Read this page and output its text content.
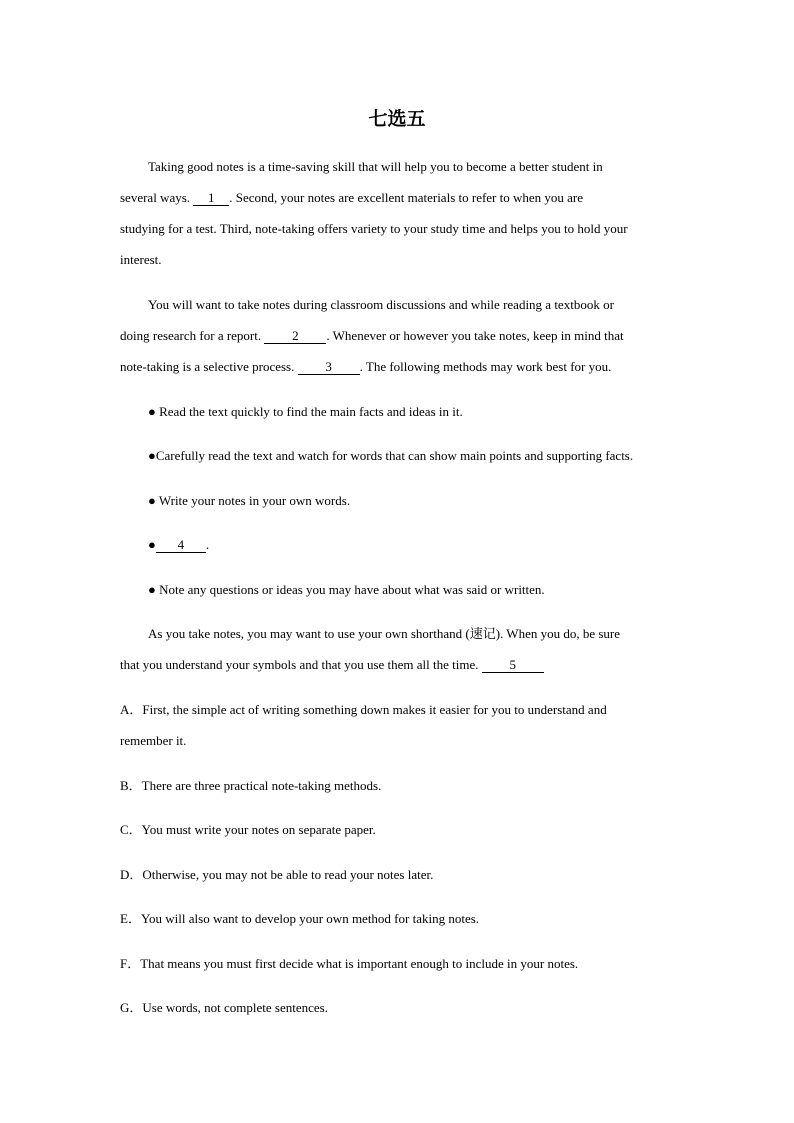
七选五
Taking good notes is a time-saving skill that will help you to become a better student in
several ways. 1 . Second, your notes are excellent materials to refer to when you are
studying for a test. Third, note-taking offers variety to your study time and helps you to hold your
interest.
You will want to take notes during classroom discussions and while reading a textbook or
doing research for a report. 2 . Whenever or however you take notes, keep in mind that
note-taking is a selective process. 3 . The following methods may work best for you.
● Read the text quickly to find the main facts and ideas in it.
●Carefully read the text and watch for words that can show main points and supporting facts.
● Write your notes in your own words.
● 4 .
● Note any questions or ideas you may have about what was said or written.
As you take notes, you may want to use your own shorthand (速记). When you do, be sure
that you understand your symbols and that you use them all the time. 5
A．First, the simple act of writing something down makes it easier for you to understand and
remember it.
B．There are three practical note-taking methods.
C．You must write your notes on separate paper.
D．Otherwise, you may not be able to read your notes later.
E．You will also want to develop your own method for taking notes.
F．That means you must first decide what is important enough to include in your notes.
G．Use words, not complete sentences.
